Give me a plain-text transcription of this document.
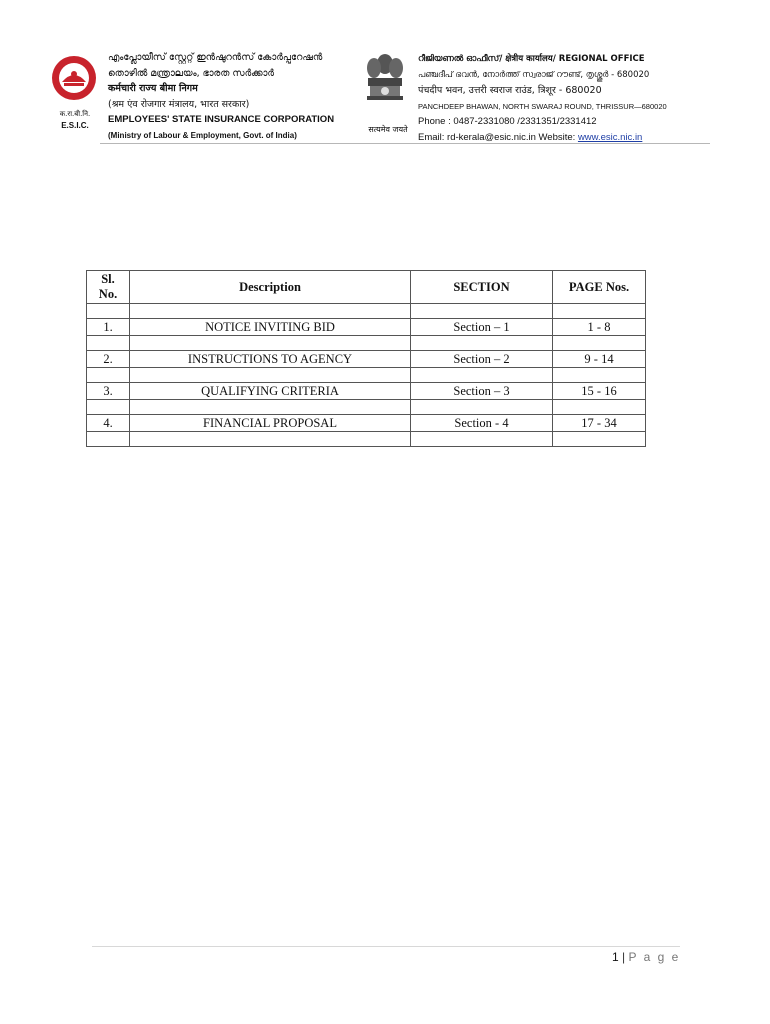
क.रा.बी.नि.
E.S.I.C.
എംപ്ലോയീസ് സ്റ്റേറ്റ് ഇൻഷുറൻസ് കോർപ്പറേഷൻ
തൊഴിൽ മന്ത്രാലയം, ഭാരത സർക്കാർ
कर्मचारी राज्य बीमा निगम
(श्रम एंव रोजगार मंत्रालय, भारत सरकार)
EMPLOYEES' STATE INSURANCE CORPORATION
(Ministry of Labour & Employment, Govt. of India)
सत्यमेव जयते
റീജിയണൽ ഓഫീസ്/ क्षेत्रीय कार्यालय/ REGIONAL OFFICE
പഞ്ചദീപ് ഭവൻ, നോർത്ത് സ്വരാജ് റൗണ്ട്, തൃശ്ശൂർ - 680020
पंचदीप भवन, उत्तरी स्वराज राउंड, त्रिशूर - 680020
PANCHDEEP BHAWAN, NORTH SWARAJ ROUND, THRISSUR—680020
Phone : 0487-2331080 /2331351/2331412
Email: rd-kerala@esic.nic.in Website: www.esic.nic.in
Sl. No.	Description	SECTION	PAGE Nos.

1.	NOTICE INVITING BID	Section – 1	1 - 8

2.	INSTRUCTIONS TO AGENCY	Section – 2	9 - 14

3.	QUALIFYING CRITERIA	Section – 3	15 - 16

4.	FINANCIAL PROPOSAL	Section - 4	17 - 34

1 | P a g e
